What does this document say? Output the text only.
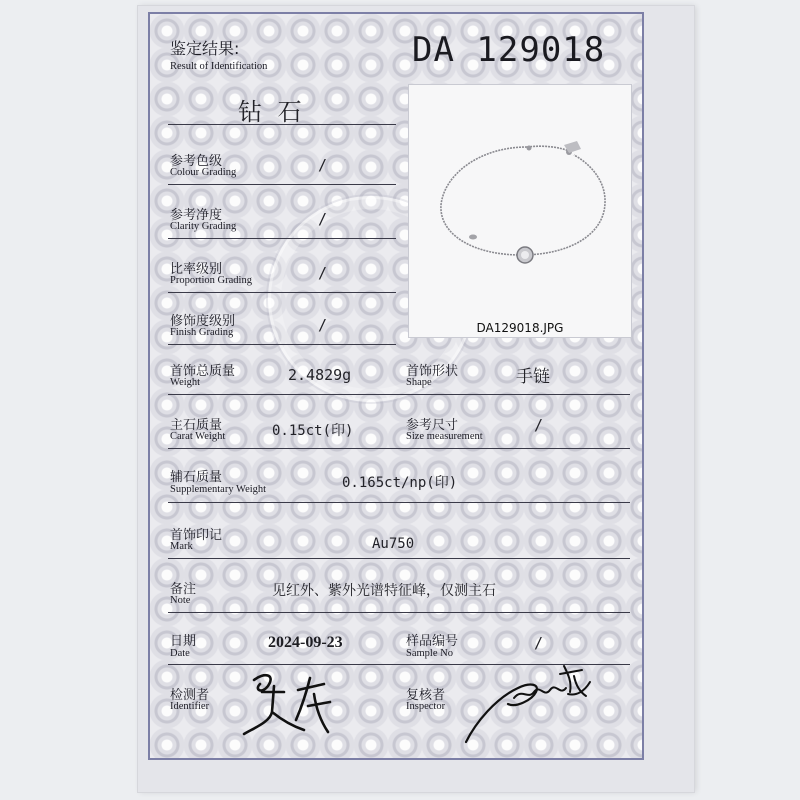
DA 129018
鉴定结果:
Result of Identification
钻 石
DA129018.JPG
参考色级
Colour Grading	/
参考净度
Clarity Grading	/
比率级别
Proportion Grading	/
修饰度级别
Finish Grading	/
首饰总质量
Weight	2.4829g	首饰形状
Shape	手链
主石质量
Carat Weight	0.15ct(印)	参考尺寸
Size measurement
/
辅石质量
Supplementary Weight	0.165ct/np(印)
首饰印记
Mark	Au750
备注
Note
见红外、紫外光谱特征峰，仅测主石
日期
Date
2024-09-23	样品编号
Sample No
/
检测者
Identifier
复核者
Inspector
